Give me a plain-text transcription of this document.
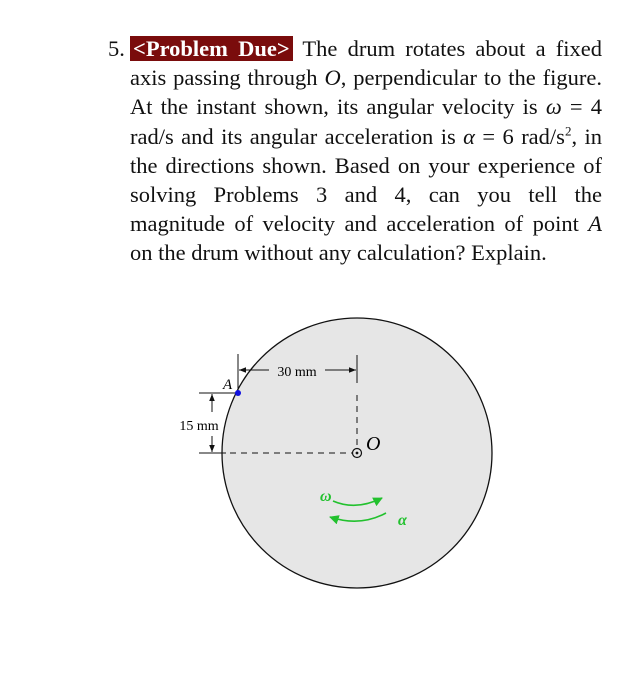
5. <Problem Due> The drum rotates about a fixed axis passing through O, perpendicular to the figure. At the instant shown, its angular velocity is ω = 4 rad/s and its angular acceleration is α = 6 rad/$s^2$, in the directions shown. Based on your experience of solving Problems 3 and 4, can you tell the magnitude of velocity and acceleration of point A on the drum without any calculation? Explain.
30 mm
15 mm
A
O
ω
α
